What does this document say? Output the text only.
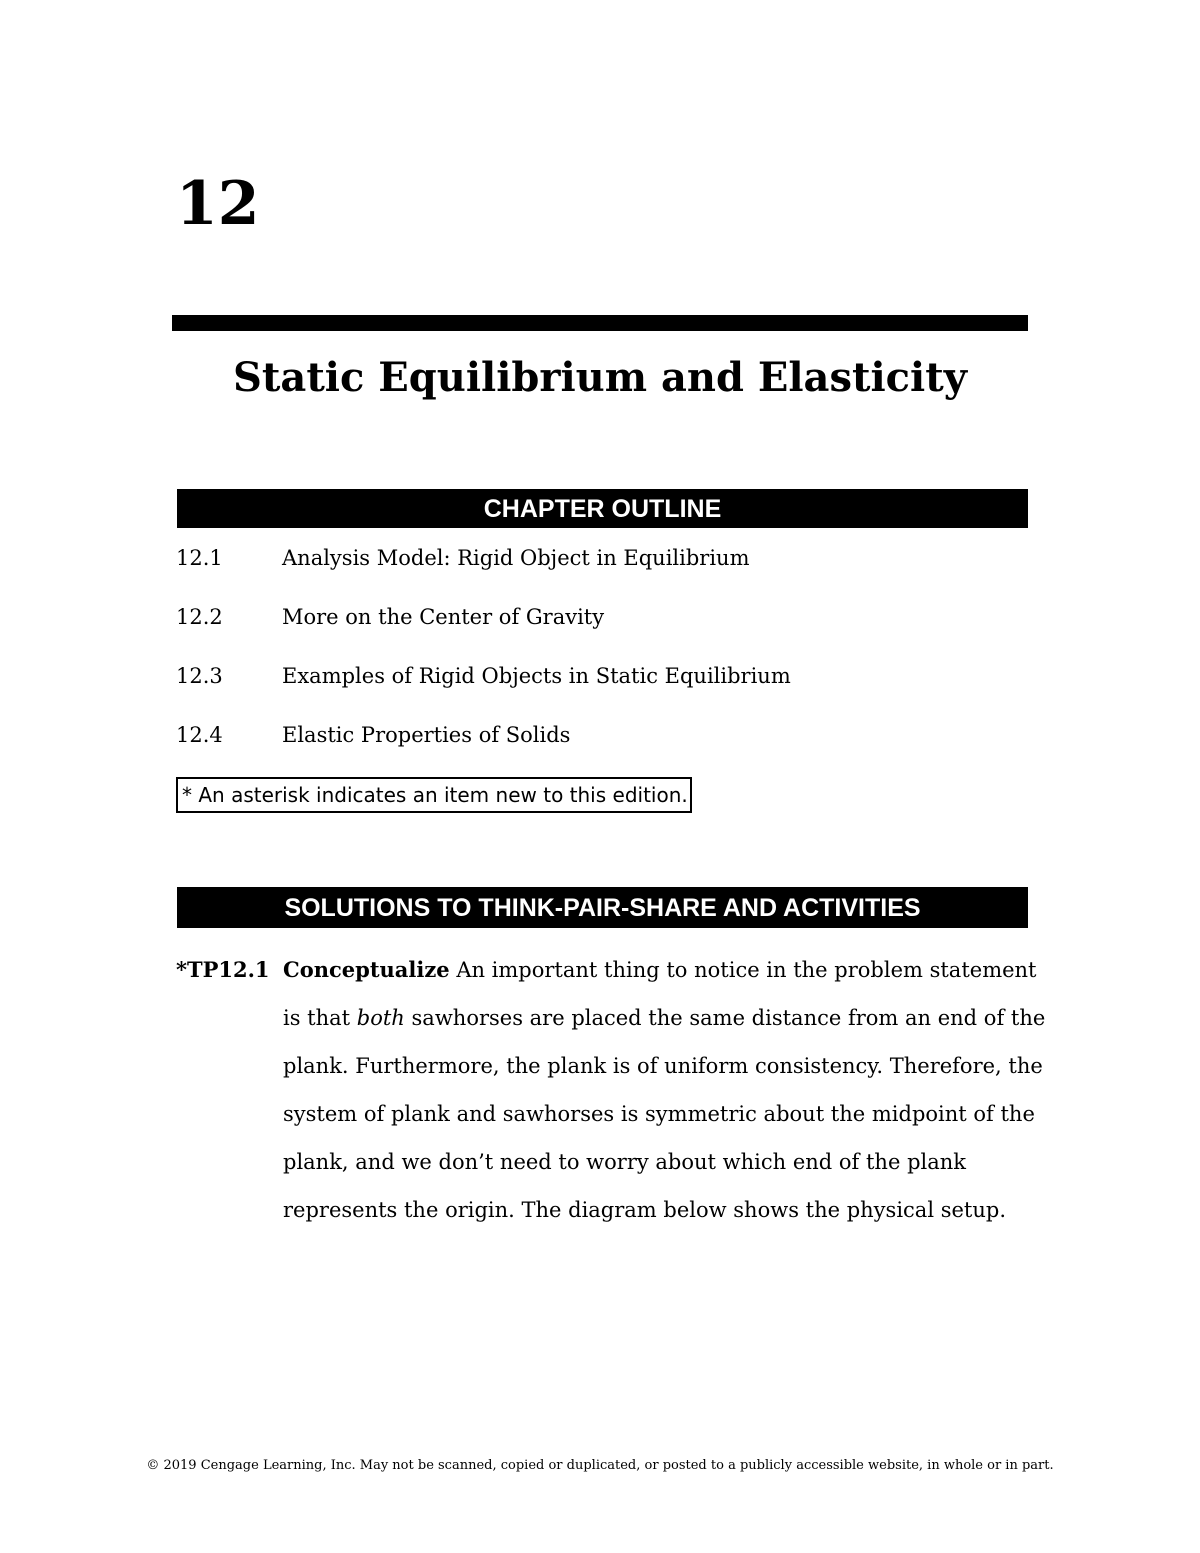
12
Static Equilibrium and Elasticity
CHAPTER OUTLINE
12.1	Analysis Model: Rigid Object in Equilibrium
12.2	More on the Center of Gravity
12.3	Examples of Rigid Objects in Static Equilibrium
12.4	Elastic Properties of Solids
* An asterisk indicates an item new to this edition.
SOLUTIONS TO THINK-PAIR-SHARE AND ACTIVITIES
*TP12.1 Conceptualize An important thing to notice in the problem statement
is that both sawhorses are placed the same distance from an end of the
plank. Furthermore, the plank is of uniform consistency. Therefore, the
system of plank and sawhorses is symmetric about the midpoint of the
plank, and we don’t need to worry about which end of the plank
represents the origin. The diagram below shows the physical setup.
© 2019 Cengage Learning, Inc. May not be scanned, copied or duplicated, or posted to a publicly accessible website, in whole or in part.
